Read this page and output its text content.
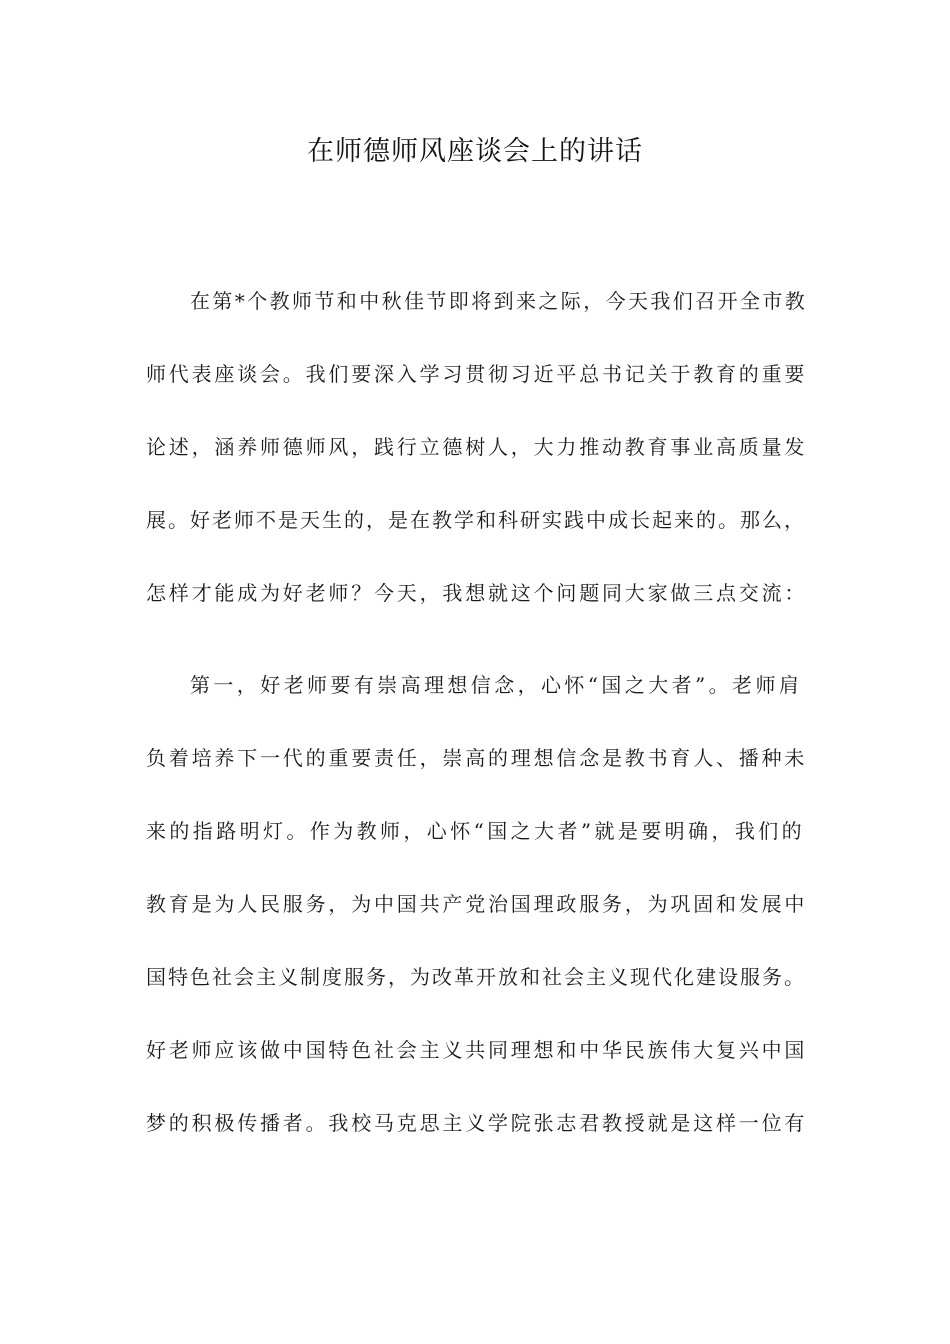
在师德师风座谈会上的讲话
在第*个教师节和中秋佳节即将到来之际，今天我们召开全市教
师代表座谈会。我们要深入学习贯彻习近平总书记关于教育的重要
论述，涵养师德师风，践行立德树人，大力推动教育事业高质量发
展。好老师不是天生的，是在教学和科研实践中成长起来的。那么，
怎样才能成为好老师？今天，我想就这个问题同大家做三点交流：
第一，好老师要有崇高理想信念，心怀“国之大者”。老师肩
负着培养下一代的重要责任，崇高的理想信念是教书育人、播种未
来的指路明灯。作为教师，心怀“国之大者”就是要明确，我们的
教育是为人民服务，为中国共产党治国理政服务，为巩固和发展中
国特色社会主义制度服务，为改革开放和社会主义现代化建设服务。
好老师应该做中国特色社会主义共同理想和中华民族伟大复兴中国
梦的积极传播者。我校马克思主义学院张志君教授就是这样一位有
